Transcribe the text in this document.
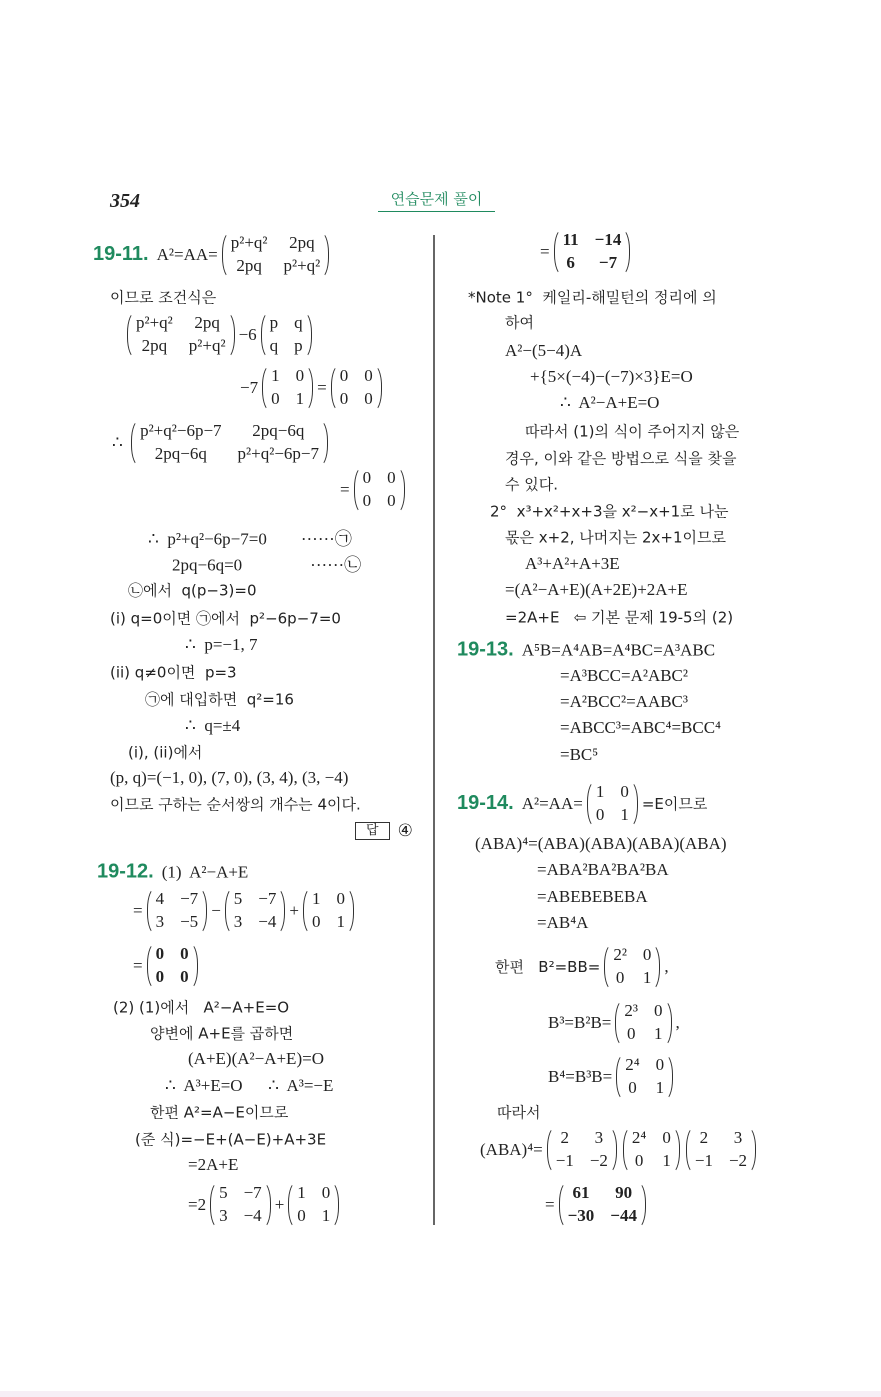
354	연습문제 풀이
19-11. A²=AA=
p²+q²	2pq
2pq	p²+q²
이므로 조건식은
p²+q²	2pq
2pq	p²+q²
−6
p q
q p
−7
1 0
0 1
=
0 0
0 0
∴
p²+q²−6p−7	2pq−6q
2pq−6q	p²+q²−6p−7
=
0 0
0 0
∴  p²+q²−6p−7=0        ······㉠
2pq−6q=0                ······㉡
㉡에서  q(p−3)=0
(i) q=0이면 ㉠에서  p²−6p−7=0
∴  p=−1, 7
(ii) q≠0이면  p=3
㉠에 대입하면  q²=16
∴  q=±4
(i), (ii)에서
(p, q)=(−1, 0), (7, 0), (3, 4), (3, −4)
이므로 구하는 순서쌍의 개수는 4이다.
답	④
19-12. (1)  A²−A+E
=
4 −7
3 −5
−
5 −7
3 −4
+
1 0
0 1
=
0 0
0 0
(2) (1)에서   A²−A+E=O
양변에 A+E를 곱하면
(A+E)(A²−A+E)=O
∴  A³+E=O      ∴  A³=−E
한편 A²=A−E이므로
(준 식)=−E+(A−E)+A+3E
=2A+E
=2
5 −7
3 −4
+
1 0
0 1
=
11 −14
6 −7
*Note 1°  케일리-해밀턴의 정리에 의
하여
A²−(5−4)A
+{5×(−4)−(−7)×3}E=O
∴  A²−A+E=O
따라서 (1)의 식이 주어지지 않은
경우, 이와 같은 방법으로 식을 찾을
수 있다.
2°  x³+x²+x+3을 x²−x+1로 나눈
몫은 x+2, 나머지는 2x+1이므로
A³+A²+A+3E
=(A²−A+E)(A+2E)+2A+E
=2A+E   ⇦ 기본 문제 19-5의 (2)
19-13. A⁵B=A⁴AB=A⁴BC=A³ABC
=A³BCC=A²ABC²
=A²BCC²=AABC³
=ABCC³=ABC⁴=BCC⁴
=BC⁵
19-14. A²=AA=
1 0
0 1
=E이므로
(ABA)⁴=(ABA)(ABA)(ABA)(ABA)
=ABA²BA²BA²BA
=ABEBEBEBA
=AB⁴A
한편   B²=BB=
2² 0
0 1
,
B³=B²B=
2³ 0
0 1
,
B⁴=B³B=
2⁴ 0
0 1
따라서
(ABA)⁴=
2 3
−1 −2
2⁴ 0
0 1
2 3
−1 −2
=
61 90
−30 −44
